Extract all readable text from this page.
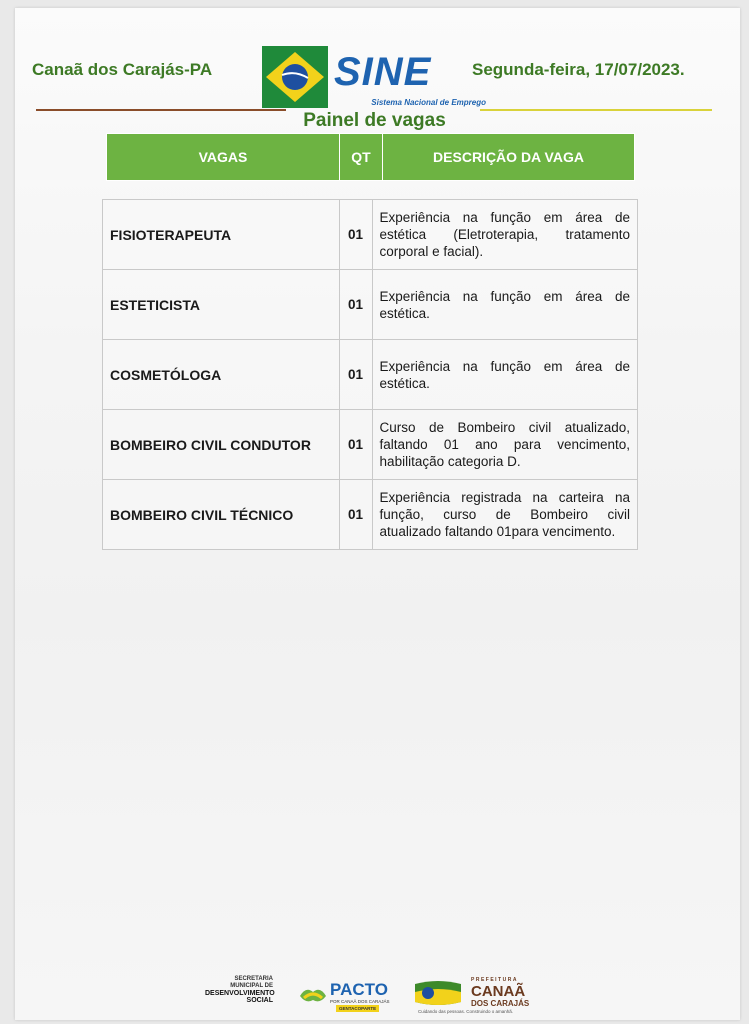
Canaã dos Carajás-PA	SINE
Sistema Nacional de Emprego
Segunda-feira, 17/07/2023.
Painel de vagas
VAGAS	QT	DESCRIÇÃO DA VAGA
FISIOTERAPEUTA	01	Experiência na função em área de estética (Eletroterapia, tratamento corporal e facial).
ESTETICISTA	01	Experiência na função em área de estética.
COSMETÓLOGA	01	Experiência na função em área de estética.
BOMBEIRO CIVIL CONDUTOR	01	Curso de Bombeiro civil atualizado, faltando 01 ano para vencimento, habilitação categoria D.
BOMBEIRO CIVIL TÉCNICO	01	Experiência registrada na carteira na função, curso de Bombeiro civil atualizado faltando 01para vencimento.
SECRETARIA
MUNICIPAL DE
DESENVOLVIMENTO
SOCIAL
PACTO
POR CANAÃ DOS CARAJÁS
GENTACOPARTE
PREFEITURA
CANAÃ
DOS CARAJÁS
Cuidando das pessoas. Construindo o amanhã.
